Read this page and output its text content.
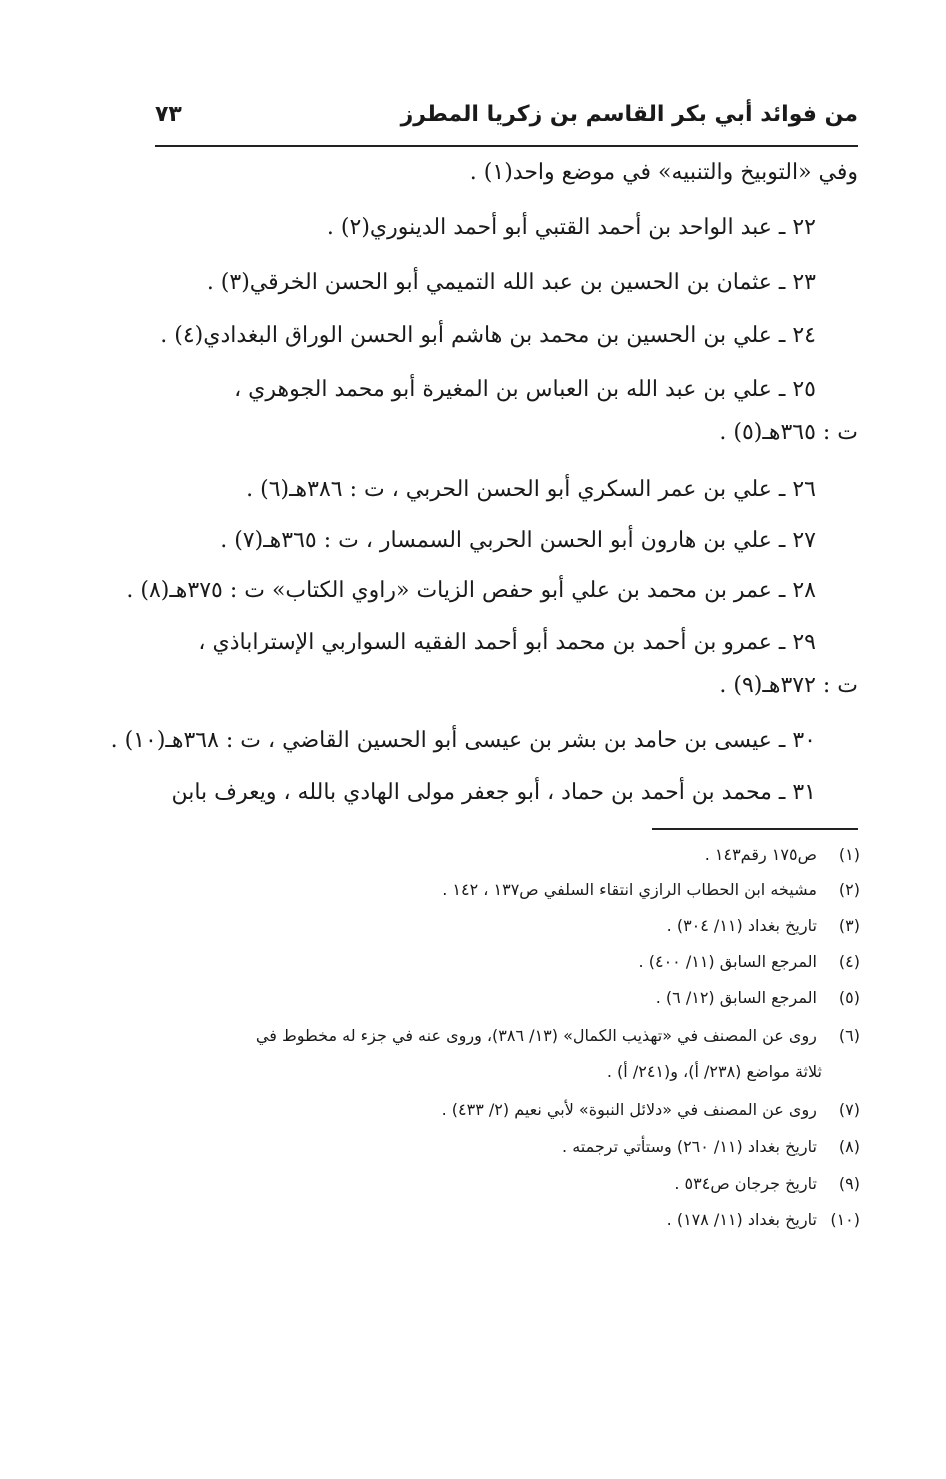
من فوائد أبي بكر القاسم بن زكريا المطرز
٧٣
وفي «التوبيخ والتنبيه» في موضع واحد(١) .
٢٢ ـ عبد الواحد بن أحمد القتبي أبو أحمد الدينوري(٢) .
٢٣ ـ عثمان بن الحسين بن عبد الله التميمي أبو الحسن الخرقي(٣) .
٢٤ ـ علي بن الحسين بن محمد بن هاشم أبو الحسن الوراق البغدادي(٤) .
٢٥ ـ علي بن عبد الله بن العباس بن المغيرة أبو محمد الجوهري ،
ت : ٣٦٥هـ(٥) .
٢٦ ـ علي بن عمر السكري أبو الحسن الحربي ، ت : ٣٨٦هـ(٦) .
٢٧ ـ علي بن هارون أبو الحسن الحربي السمسار ، ت : ٣٦٥هـ(٧) .
٢٨ ـ عمر بن محمد بن علي أبو حفص الزيات «راوي الكتاب» ت : ٣٧٥هـ(٨) .
٢٩ ـ عمرو بن أحمد بن محمد أبو أحمد الفقيه السواربي الإستراباذي ،
ت : ٣٧٢هـ(٩) .
٣٠ ـ عيسى بن حامد بن بشر بن عيسى أبو الحسين القاضي ، ت : ٣٦٨هـ(١٠) .
٣١ ـ محمد بن أحمد بن حماد ، أبو جعفر مولى الهادي بالله ، ويعرف بابن
(١) ص١٧٥ رقم١٤٣ .
(٢) مشيخه ابن الحطاب الرازي انتقاء السلفي ص١٣٧ ، ١٤٢ .
(٣) تاريخ بغداد (١١/ ٣٠٤) .
(٤) المرجع السابق (١١/ ٤٠٠) .
(٥) المرجع السابق (١٢/ ٦) .
(٦) روى عن المصنف في «تهذيب الكمال» (١٣/ ٣٨٦)، وروى عنه في جزء له مخطوط في
ثلاثة مواضع (٢٣٨/ أ)، و(٢٤١/ أ) .
(٧) روى عن المصنف في «دلائل النبوة» لأبي نعيم (٢/ ٤٣٣) .
(٨) تاريخ بغداد (١١/ ٢٦٠) وستأتي ترجمته .
(٩) تاريخ جرجان ص٥٣٤ .
(١٠) تاريخ بغداد (١١/ ١٧٨) .
